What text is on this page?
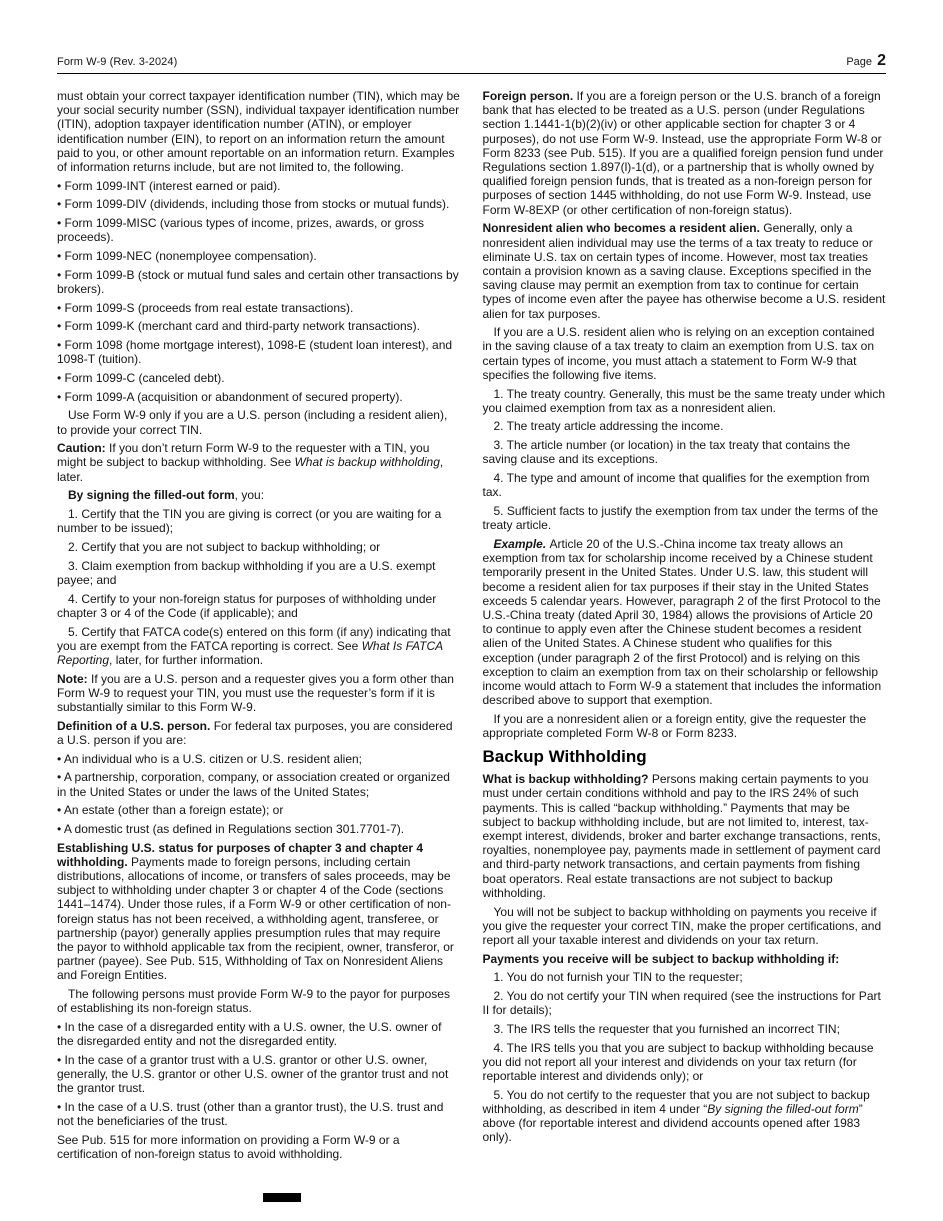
Form W-9 (Rev. 3-2024)	Page 2

must obtain your correct taxpayer identification number (TIN), which may be your social security number (SSN), individual taxpayer identification number (ITIN), adoption taxpayer identification number (ATIN), or employer identification number (EIN), to report on an information return the amount paid to you, or other amount reportable on an information return. Examples of information returns include, but are not limited to, the following.

• Form 1099-INT (interest earned or paid).

• Form 1099-DIV (dividends, including those from stocks or mutual funds).

• Form 1099-MISC (various types of income, prizes, awards, or gross proceeds).

• Form 1099-NEC (nonemployee compensation).

• Form 1099-B (stock or mutual fund sales and certain other transactions by brokers).

• Form 1099-S (proceeds from real estate transactions).

• Form 1099-K (merchant card and third-party network transactions).

• Form 1098 (home mortgage interest), 1098-E (student loan interest), and 1098-T (tuition).

• Form 1099-C (canceled debt).

• Form 1099-A (acquisition or abandonment of secured property).

Use Form W-9 only if you are a U.S. person (including a resident alien), to provide your correct TIN.

Caution: If you don’t return Form W-9 to the requester with a TIN, you might be subject to backup withholding. See What is backup withholding, later.

By signing the filled-out form, you:

1. Certify that the TIN you are giving is correct (or you are waiting for a number to be issued);

2. Certify that you are not subject to backup withholding; or

3. Claim exemption from backup withholding if you are a U.S. exempt payee; and

4. Certify to your non-foreign status for purposes of withholding under chapter 3 or 4 of the Code (if applicable); and

5. Certify that FATCA code(s) entered on this form (if any) indicating that you are exempt from the FATCA reporting is correct. See What Is FATCA Reporting, later, for further information.

Note: If you are a U.S. person and a requester gives you a form other than Form W-9 to request your TIN, you must use the requester’s form if it is substantially similar to this Form W-9.

Definition of a U.S. person. For federal tax purposes, you are considered a U.S. person if you are:

• An individual who is a U.S. citizen or U.S. resident alien;

• A partnership, corporation, company, or association created or organized in the United States or under the laws of the United States;

• An estate (other than a foreign estate); or

• A domestic trust (as defined in Regulations section 301.7701-7).

Establishing U.S. status for purposes of chapter 3 and chapter 4 withholding. Payments made to foreign persons, including certain distributions, allocations of income, or transfers of sales proceeds, may be subject to withholding under chapter 3 or chapter 4 of the Code (sections 1441–1474). Under those rules, if a Form W-9 or other certification of non-foreign status has not been received, a withholding agent, transferee, or partnership (payor) generally applies presumption rules that may require the payor to withhold applicable tax from the recipient, owner, transferor, or partner (payee). See Pub. 515, Withholding of Tax on Nonresident Aliens and Foreign Entities.

The following persons must provide Form W-9 to the payor for purposes of establishing its non-foreign status.

• In the case of a disregarded entity with a U.S. owner, the U.S. owner of the disregarded entity and not the disregarded entity.

• In the case of a grantor trust with a U.S. grantor or other U.S. owner, generally, the U.S. grantor or other U.S. owner of the grantor trust and not the grantor trust.

• In the case of a U.S. trust (other than a grantor trust), the U.S. trust and not the beneficiaries of the trust.

See Pub. 515 for more information on providing a Form W-9 or a certification of non-foreign status to avoid withholding.

Foreign person. If you are a foreign person or the U.S. branch of a foreign bank that has elected to be treated as a U.S. person (under Regulations section 1.1441-1(b)(2)(iv) or other applicable section for chapter 3 or 4 purposes), do not use Form W-9. Instead, use the appropriate Form W-8 or Form 8233 (see Pub. 515). If you are a qualified foreign pension fund under Regulations section 1.897(l)-1(d), or a partnership that is wholly owned by qualified foreign pension funds, that is treated as a non-foreign person for purposes of section 1445 withholding, do not use Form W-9. Instead, use Form W-8EXP (or other certification of non-foreign status).

Nonresident alien who becomes a resident alien. Generally, only a nonresident alien individual may use the terms of a tax treaty to reduce or eliminate U.S. tax on certain types of income. However, most tax treaties contain a provision known as a saving clause. Exceptions specified in the saving clause may permit an exemption from tax to continue for certain types of income even after the payee has otherwise become a U.S. resident alien for tax purposes.

If you are a U.S. resident alien who is relying on an exception contained in the saving clause of a tax treaty to claim an exemption from U.S. tax on certain types of income, you must attach a statement to Form W-9 that specifies the following five items.

1. The treaty country. Generally, this must be the same treaty under which you claimed exemption from tax as a nonresident alien.

2. The treaty article addressing the income.

3. The article number (or location) in the tax treaty that contains the saving clause and its exceptions.

4. The type and amount of income that qualifies for the exemption from tax.

5. Sufficient facts to justify the exemption from tax under the terms of the treaty article.

Example. Article 20 of the U.S.-China income tax treaty allows an exemption from tax for scholarship income received by a Chinese student temporarily present in the United States. Under U.S. law, this student will become a resident alien for tax purposes if their stay in the United States exceeds 5 calendar years. However, paragraph 2 of the first Protocol to the U.S.-China treaty (dated April 30, 1984) allows the provisions of Article 20 to continue to apply even after the Chinese student becomes a resident alien of the United States. A Chinese student who qualifies for this exception (under paragraph 2 of the first Protocol) and is relying on this exception to claim an exemption from tax on their scholarship or fellowship income would attach to Form W-9 a statement that includes the information described above to support that exemption.

If you are a nonresident alien or a foreign entity, give the requester the appropriate completed Form W-8 or Form 8233.

Backup Withholding

What is backup withholding? Persons making certain payments to you must under certain conditions withhold and pay to the IRS 24% of such payments. This is called “backup withholding.” Payments that may be subject to backup withholding include, but are not limited to, interest, tax-exempt interest, dividends, broker and barter exchange transactions, rents, royalties, nonemployee pay, payments made in settlement of payment card and third-party network transactions, and certain payments from fishing boat operators. Real estate transactions are not subject to backup withholding.

You will not be subject to backup withholding on payments you receive if you give the requester your correct TIN, make the proper certifications, and report all your taxable interest and dividends on your tax return.

Payments you receive will be subject to backup withholding if:

1. You do not furnish your TIN to the requester;

2. You do not certify your TIN when required (see the instructions for Part II for details);

3. The IRS tells the requester that you furnished an incorrect TIN;

4. The IRS tells you that you are subject to backup withholding because you did not report all your interest and dividends on your tax return (for reportable interest and dividends only); or

5. You do not certify to the requester that you are not subject to backup withholding, as described in item 4 under “By signing the filled-out form” above (for reportable interest and dividend accounts opened after 1983 only).
